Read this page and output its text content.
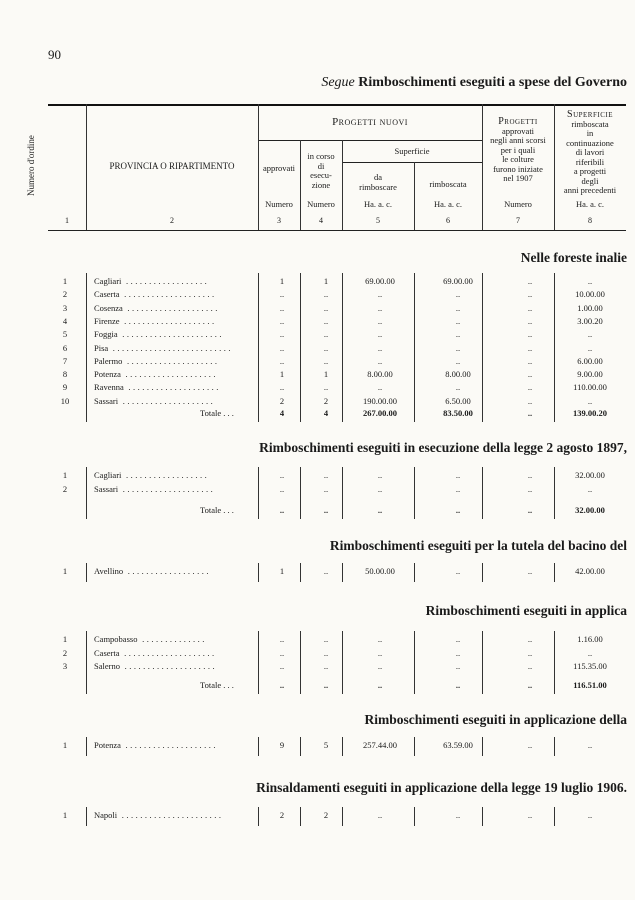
90
Segue Rimboschimenti eseguiti a spese del Governo
Numero d'ordine	PROVINCIA O RIPARTIMENTO
Progetti nuovi
approvati
in corso
di
esecu-
zione
Superficie
da
rimboscare	rimboscata
Progetti
approvati
negli anni scorsi
per i quali
le colture
furono iniziate
nel 1907
Superficie
rimboscata
in
continuazione
di lavori
riferibili
a progetti
degli
anni precedenti
Numero	Numero	Ha. a. c.	Ha. a. c.	Numero	Ha. a. c.
1	2	3	4	5	6	7	8
Nelle foreste inalie
1	Cagliari ..................	1	1	69.00.00	69.00.00	..	..
2	Caserta ....................	..	..	..	..	..	10.00.00
3	Cosenza ....................	..	..	..	..	..	1.00.00
4	Firenze ....................	..	..	..	..	..	3.00.20
5	Foggia ......................	..	..	..	..	..	..
6	Pisa ..........................	..	..	..	..	..	..
7	Palermo ....................	..	..	..	..	..	6.00.00
8	Potenza ....................	1	1	8.00.00	8.00.00	..	9.00.00
9	Ravenna ....................	..	..	..	..	..	110.00.00
10	Sassari ....................	2	2	190.00.00	6.50.00	..	..
Totale . . .	4	4	267.00.00	83.50.00	..	139.00.20
Rimboschimenti eseguiti in esecuzione della legge 2 agosto 1897,
1	Cagliari ..................	..	..	..	..	..	32.00.00
2	Sassari ....................	..	..	..	..	..	..
Totale . . .	..	..	..	..	..	32.00.00
Rimboschimenti eseguiti per la tutela del bacino del
1	Avellino ..................	1	..	50.00.00	..	..	42.00.00
Rimboschimenti eseguiti in applica
1	Campobasso ..............	..	..	..	..	..	1.16.00
2	Caserta ....................	..	..	..	..	..	..
3	Salerno ....................	..	..	..	..	..	115.35.00
Totale . . .	..	..	..	..	..	116.51.00
Rimboschimenti eseguiti in applicazione della
1	Potenza ....................	9	5	257.44.00	63.59.00	..	..
Rinsaldamenti eseguiti in applicazione della legge 19 luglio 1906.
1	Napoli ......................	2	2	..	..	..	..
